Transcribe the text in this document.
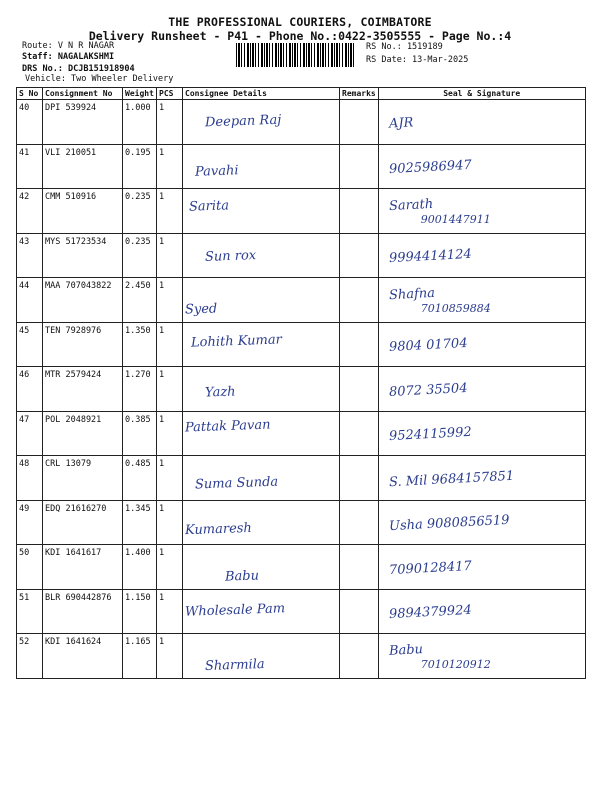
THE PROFESSIONAL COURIERS, COIMBATORE
Delivery Runsheet - P41 - Phone No.:0422-3505555 - Page No.:4
Route: V N R NAGAR
Staff: NAGALAKSHMI
DRS No.: DCJB151918904
Vehicle: Two Wheeler Delivery
RS No.: 1519189
RS Date: 13-Mar-2025
S No	Consignment No	Weight	PCS	Consignee Details	Remarks	Seal & Signature
40	DPI 539924	1.000	1	Deepan Raj		AJR
41	VLI 210051	0.195	1	Pavahi		9025986947
42	CMM 510916	0.235	1	Sarita		Sarath
9001447911

43	MYS 51723534	0.235	1	Sun rox		9994414124
44	MAA 707043822	2.450	1	Syed		Shafna
7010859884

45	TEN 7928976	1.350	1	Lohith Kumar		9804 01704
46	MTR 2579424	1.270	1	Yazh		8072 35504
47	POL 2048921	0.385	1	Pattak Pavan		9524115992
48	CRL 13079	0.485	1	Suma Sunda		S. Mil 9684157851
49	EDQ 21616270	1.345	1	Kumaresh		Usha 9080856519
50	KDI 1641617	1.400	1	Babu		7090128417
51	BLR 690442876	1.150	1	Wholesale Pam		9894379924
52	KDI 1641624	1.165	1	Sharmila		Babu
7010120912
